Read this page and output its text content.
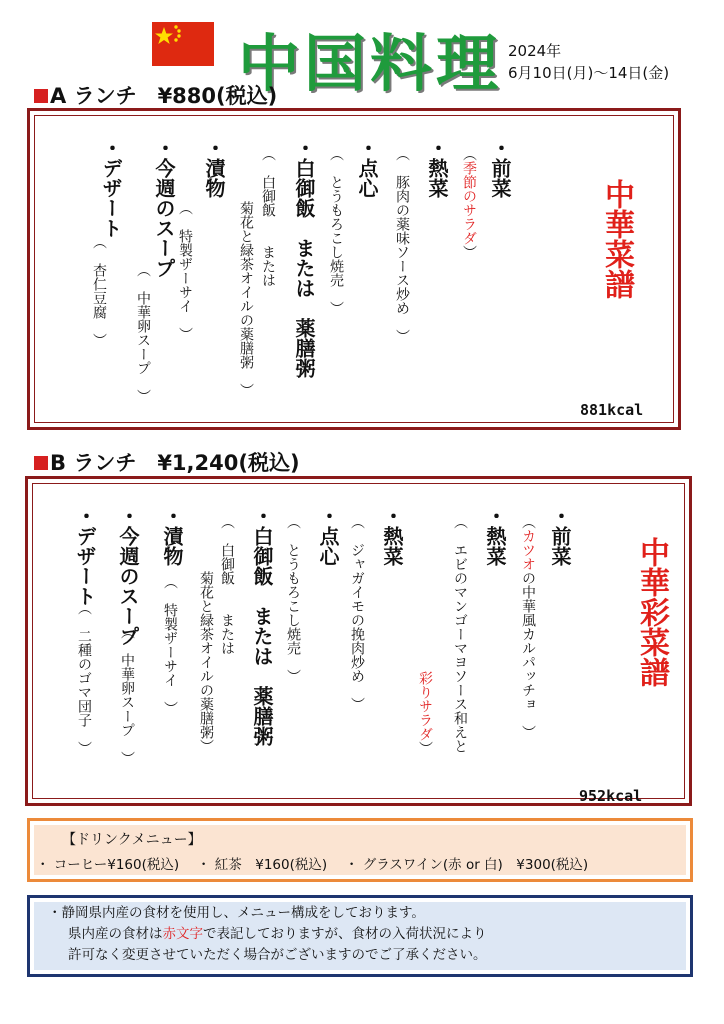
中国料理 2024年
6月10日(月)～14日(金)
A ランチ　¥880(税込)
・前菜
（季節のサラダ）
・熱菜
（　豚肉の薬味ソース炒め　）
・点心
（　とうもろこし焼売　）
・白御飯　または　薬膳粥
（　白御飯　　または
菊花と緑茶オイルの薬膳粥　）
・漬物
（　特製ザーサイ　）
・今週のスープ
（　中華卵スープ　）
・デザート
（　杏仁豆腐　）	中華菜譜
881kcal
B ランチ　¥1,240(税込)
・前菜
（カツオの中華風カルパッチョ　）
・熱菜
（　エビのマンゴーマヨソース和えと
彩りサラダ）
・熱菜
（　ジャガイモの挽肉炒め　）
・点心
（　とうもろこし焼売　）
・白御飯　または　薬膳粥
（　白御飯　　または
菊花と緑茶オイルの薬膳粥）
・漬物
（　特製ザーサイ　）
・今週のスープ
（　中華卵スープ　）
・デザート
（　二種のゴマ団子　）	中華彩菜譜
952kcal
【ドリンクメニュー】
・ コーヒー¥160(税込)　 ・ 紅茶　¥160(税込)　 ・ グラスワイン(赤 or 白)　¥300(税込)
・静岡県内産の食材を使用し、メニュー構成をしております。
県内産の食材は赤文字で表記しておりますが、食材の入荷状況により
許可なく変更させていただく場合がございますのでご了承ください。
